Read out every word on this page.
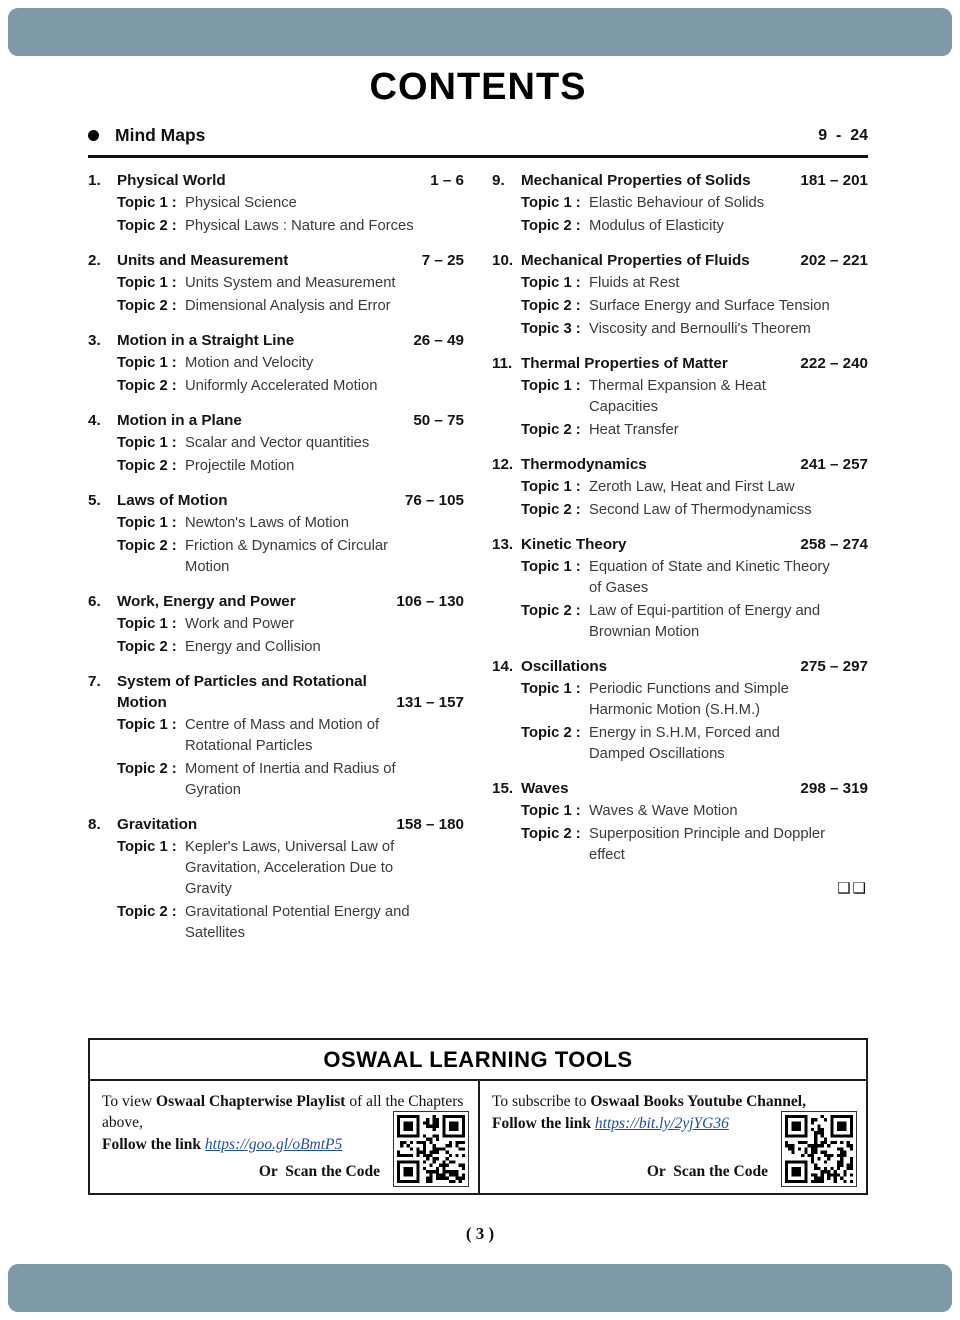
CONTENTS
Mind Maps	9  -  24
1.	Physical World	1 – 6
Topic 1 : Physical Science
Topic 2 : Physical Laws : Nature and Forces
2.	Units and Measurement	7 – 25
Topic 1 : Units System and Measurement
Topic 2 : Dimensional Analysis and Error
3.	Motion in a Straight Line	26 – 49
Topic 1 : Motion and Velocity
Topic 2 : Uniformly Accelerated Motion
4.	Motion in a Plane	50 – 75
Topic 1 : Scalar and Vector quantities
Topic 2 : Projectile Motion
5.	Laws of Motion	76 – 105
Topic 1 : Newton's Laws of Motion
Topic 2 : Friction & Dynamics of Circular Motion
6.	Work, Energy and Power	106 – 130
Topic 1 : Work and Power
Topic 2 : Energy and Collision
7.	System of Particles and Rotational Motion	131 – 157
Topic 1 : Centre of Mass and Motion of Rotational Particles
Topic 2 : Moment of Inertia and Radius of Gyration
8.	Gravitation	158 – 180
Topic 1 : Kepler's Laws, Universal Law of Gravitation, Acceleration Due to Gravity
Topic 2 : Gravitational Potential Energy and Satellites
9.	Mechanical Properties of Solids	181 – 201
Topic 1 : Elastic Behaviour of Solids
Topic 2 : Modulus of Elasticity
10. Mechanical Properties of Fluids	202 – 221
Topic 1 : Fluids at Rest
Topic 2 : Surface Energy and Surface Tension
Topic 3 : Viscosity and Bernoulli's Theorem
11. Thermal Properties of Matter	222 – 240
Topic 1 : Thermal Expansion & Heat Capacities
Topic 2 : Heat Transfer
12. Thermodynamics	241 – 257
Topic 1 : Zeroth Law, Heat and First Law
Topic 2 : Second Law of Thermodynamicss
13. Kinetic Theory	258 – 274
Topic 1 : Equation of State and Kinetic Theory of Gases
Topic 2 : Law of Equi-partition of Energy and Brownian Motion
14. Oscillations	275 – 297
Topic 1 : Periodic Functions and Simple Harmonic Motion (S.H.M.)
Topic 2 : Energy in S.H.M, Forced and Damped Oscillations
15. Waves	298 – 319
Topic 1 : Waves & Wave Motion
Topic 2 : Superposition Principle and Doppler effect
❑❑
OSWAAL LEARNING TOOLS

To view Oswaal Chapterwise Playlist of all the Chapters above,

Follow the link https://goo.gl/oBmtP5

Or  Scan the Code

To subscribe to Oswaal Books Youtube Channel,

Follow the link https://bit.ly/2yjYG36

Or  Scan the Code
( 3 )
